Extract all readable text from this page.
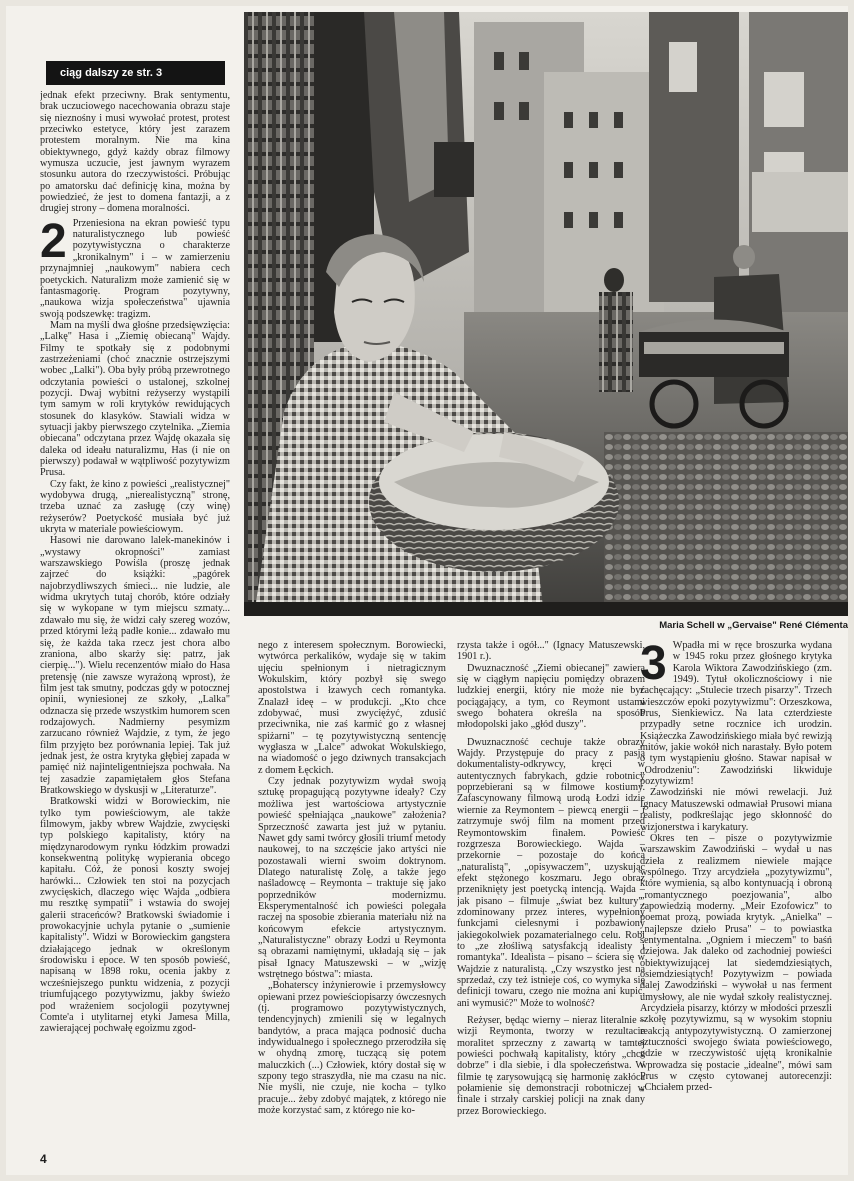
ciąg dalszy ze str. 3

jednak efekt przeciwny. Brak sentymentu, brak uczuciowego nacechowania obrazu staje się nieznośny i musi wywołać protest, protest przeciwko estetyce, który jest zarazem protestem moralnym. Nie ma kina obiektywnego, gdyż każdy obraz filmowy wymusza uczucie, jest jawnym wyrazem stosunku autora do rzeczywistości. Próbując po amatorsku dać definicję kina, można by powiedzieć, że jest to domena fantazji, a z drugiej strony – domena moralności.

2 Przeniesiona na ekran powieść typu naturalistycznego lub powieść pozytywistyczna o charakterze „kronikalnym" i – w zamierzeniu przynajmniej „naukowym" nabiera cech poetyckich. Naturalizm może zamienić się w fantasmagorię. Program pozytywny, „naukowa wizja społeczeństwa" ujawnia swoją podszewkę: tragizm.

Mam na myśli dwa głośne przedsięwzięcia: „Lalkę" Hasa i „Ziemię obiecaną" Wajdy. Filmy te spotkały się z podobnymi zastrzeżeniami (choć znacznie ostrzejszymi wobec „Lalki"). Oba były próbą przewrotnego odczytania powieści o ustalonej, szkolnej pozycji. Dwaj wybitni reżyserzy wystąpili tym samym w roli krytyków rewidujących stosunek do klasyków. Stawiali widza w sytuacji jakby pierwszego czytelnika. „Ziemia obiecana" odczytana przez Wajdę okazała się daleka od ideału naturalizmu, Has (i nie on pierwszy) podawał w wątpliwość pozytywizm Prusa.

Czy fakt, że kino z powieści „realistycznej" wydobywa drugą, „nierealistyczną" stronę, trzeba uznać za zasługę (czy winę) reżyserów? Poetyckość musiała być już ukryta w materiale powieściowym.

Hasowi nie darowano lalek-manekinów i „wystawy okropności" zamiast warszawskiego Powiśla (proszę jednak zajrzeć do książki: „pagórek najobrzydliwszych śmieci... nie ludzie, ale widma ukrytych tutaj chorób, które odziały się w wykopane w tym miejscu szmaty... zdawało mu się, że widzi cały szereg wozów, przed którymi leżą padłe konie... zdawało mu się, że każda taka rzecz jest chora albo zraniona, albo skarży się: patrz, jak cierpię..."). Wielu recenzentów miało do Hasa pretensję (nie zawsze wyrażoną wprost), że film jest tak smutny, podczas gdy w potocznej opinii, wyniesionej ze szkoły, „Lalka" odznacza się przede wszystkim humorem scen rodzajowych. Nadmierny pesymizm zarzucano również Wajdzie, z tym, że jego film przyjęto bez porównania lepiej. Tak już jednak jest, że ostra krytyka głębiej zapada w pamięć niż najinteligentniejsza pochwała. Na tej zasadzie zapamiętałem głos Stefana Bratkowskiego w dyskusji w „Literaturze".

Bratkowski widzi w Borowieckim, nie tylko tym powieściowym, ale także filmowym, jakby wbrew Wajdzie, zwycięski typ polskiego kapitalisty, który na międzynarodowym rynku łódzkim prowadzi konsekwentną politykę wypierania obcego kapitału. Cóż, że ponosi koszty swojej harówki... Człowiek ten stoi na pozycjach zwycięskich, dlaczego więc Wajda „odbiera mu resztkę sympatii" i wstawia do swojej galerii straceńców? Bratkowski świadomie i prowokacyjnie uchyla pytanie o „sumienie kapitalisty". Widzi w Borowieckim gangstera działającego jednak w określonym środowisku i epoce. W ten sposób powieść, napisaną w 1898 roku, ocenia jakby z wcześniejszego punktu widzenia, z pozycji triumfującego pozytywizmu, jakby świeżo pod wrażeniem socjologii pozytywnej Comte'a i utylitarnej etyki Jamesa Milla, zawierającej pochwałę egoizmu zgod-

Maria Schell w „Gervaise" René Clémenta

nego z interesem społecznym. Borowiecki, wytwórca perkalików, wydaje się w takim ujęciu spełnionym i nietragicznym Wokulskim, który pozbył się swego apostolstwa i łzawych cech romantyka. Znalazł ideę – w produkcji. „Kto chce zdobywać, musi zwyciężyć, zdusić przeciwnika, nie zaś karmić go z własnej spiżarni" – tę pozytywistyczną sentencję wygłasza w „Lalce" adwokat Wokulskiego, na wiadomość o jego dziwnych transakcjach z domem Łęckich.

Czy jednak pozytywizm wydał swoją sztukę propagującą pozytywne ideały? Czy możliwa jest wartościowa artystycznie powieść spełniająca „naukowe" założenia? Sprzeczność zawarta jest już w pytaniu. Nawet gdy sami twórcy głosili triumf metody naukowej, to na szczęście jako artyści nie pozostawali wierni swoim doktrynom. Dlatego naturalistę Zolę, a także jego naśladowcę – Reymonta – traktuje się jako poprzedników modernizmu. Eksperymentalność ich powieści polegała raczej na sposobie zbierania materiału niż na końcowym efekcie artystycznym. „Naturalistyczne" obrazy Łodzi u Reymonta są obrazami namiętnymi, układają się – jak pisał Ignacy Matuszewski – w „wizję wstrętnego bóstwa": miasta.

„Bohaterscy inżynierowie i przemysłowcy opiewani przez powieściopisarzy ówczesnych (tj. programowo pozytywistycznych, tendencyjnych) zmienili się w legalnych bandytów, a praca mająca podnosić ducha indywidualnego i społecznego przerodziła się w ohydną zmorę, tuczącą się potem maluczkich (...) Człowiek, który dostał się w szpony tego straszydła, nie ma czasu na nic. Nie myśli, nie czuje, nie kocha – tylko pracuje... żeby zdobyć majątek, z którego nie może korzystać sam, z którego nie ko-

rzysta także i ogół..." (Ignacy Matuszewski, 1901 r.).

Dwuznaczność „Ziemi obiecanej" zawiera się w ciągłym napięciu pomiędzy obrazem ludzkiej energii, który nie może nie być pociągający, a tym, co Reymont ustami swego bohatera określa na sposób młodopolski jako „głód duszy".

Dwuznaczność cechuje także obrazy Wajdy. Przystępuje do pracy z pasją dokumentalisty-odkrywcy, kręci w autentycznych fabrykach, gdzie robotnicy poprzebierani są w filmowe kostiumy. Zafascynowany filmową urodą Łodzi idzie wiernie za Reymontem – piewcą energii – i zatrzymuje swój film na moment przed Reymontowskim finałem. Powieść rozgrzesza Borowieckiego. Wajda – przekornie – pozostaje do końca „naturalistą", „opisywaczem", uzyskując efekt stężonego koszmaru. Jego obraz przeniknięty jest poetycką intencją. Wajda – jak pisano – filmuje „świat bez kultury", zdominowany przez interes, wypełniony funkcjami cielesnymi i pozbawiony jakiegokolwiek pozamaterialnego celu. Robi to „ze złośliwą satysfakcją idealisty i romantyka". Idealista – pisano – ściera się w Wajdzie z naturalistą. „Czy wszystko jest na sprzedaż, czy też istnieje coś, co wymyka się definicji towaru, czego nie można ani kupić, ani wymusić?" Może to wolność?

Reżyser, będąc wierny – nieraz literalnie – wizji Reymonta, tworzy w rezultacie moralitet sprzeczny z zawartą w tamtej powieści pochwałą kapitalisty, który „chce dobrze" i dla siebie, i dla społeczeństwa. W filmie tę zarysowującą się harmonię zakłóca połamienie się demonstracji robotniczej w finale i strzały carskiej policji na znak dany przez Borowieckiego.

3 Wpadła mi w ręce broszurka wydana w 1945 roku przez głośnego krytyka Karola Wiktora Zawodzińskiego (zm. 1949). Tytuł okolicznościowy i nie zachęcający: „Stulecie trzech pisarzy". Trzech wieszczów epoki pozytywizmu": Orzeszkowa, Prus, Sienkiewicz. Na lata czterdzieste przypadły setne rocznice ich urodzin. Książeczka Zawodzińskiego miała być rewizją mitów, jakie wokół nich narastały. Było potem o tym wystąpieniu głośno. Stawar napisał w „Odrodzeniu": Zawodziński likwiduje pozytywizm!

Zawodziński nie mówi rewelacji. Już Ignacy Matuszewski odmawiał Prusowi miana realisty, podkreślając jego skłonność do wizjonerstwa i karykatury.

Okres ten – pisze o pozytywizmie warszawskim Zawodziński – wydał u nas dzieła z realizmem niewiele mające wspólnego. Trzy arcydzieła „pozytywizmu", które wymienia, są albo kontynuacją i obroną „romantycznego poezjowania", albo zapowiedzią moderny. „Meir Ezofowicz" to poemat prozą, powiada krytyk. „Anielka" – „najlepsze dzieło Prusa" – to powiastka sentymentalna. „Ogniem i mieczem" to baśń dziejowa. Jak daleko od zachodniej powieści obiektywizującej lat siedemdziesiątych, osiemdziesiątych! Pozytywizm – powiada dalej Zawodziński – wywołał u nas ferment umysłowy, ale nie wydał szkoły realistycznej. Arcydzieła pisarzy, którzy w młodości przeszli szkołę pozytywizmu, są w wysokim stopniu reakcją antypozytywistyczną. O zamierzonej sztuczności swojego świata powieściowego, gdzie w rzeczywistość ujętą kronikalnie wprowadza się postacie „idealne", mówi sam Prus w często cytowanej autorecenzji: „Chciałem przed-

4
